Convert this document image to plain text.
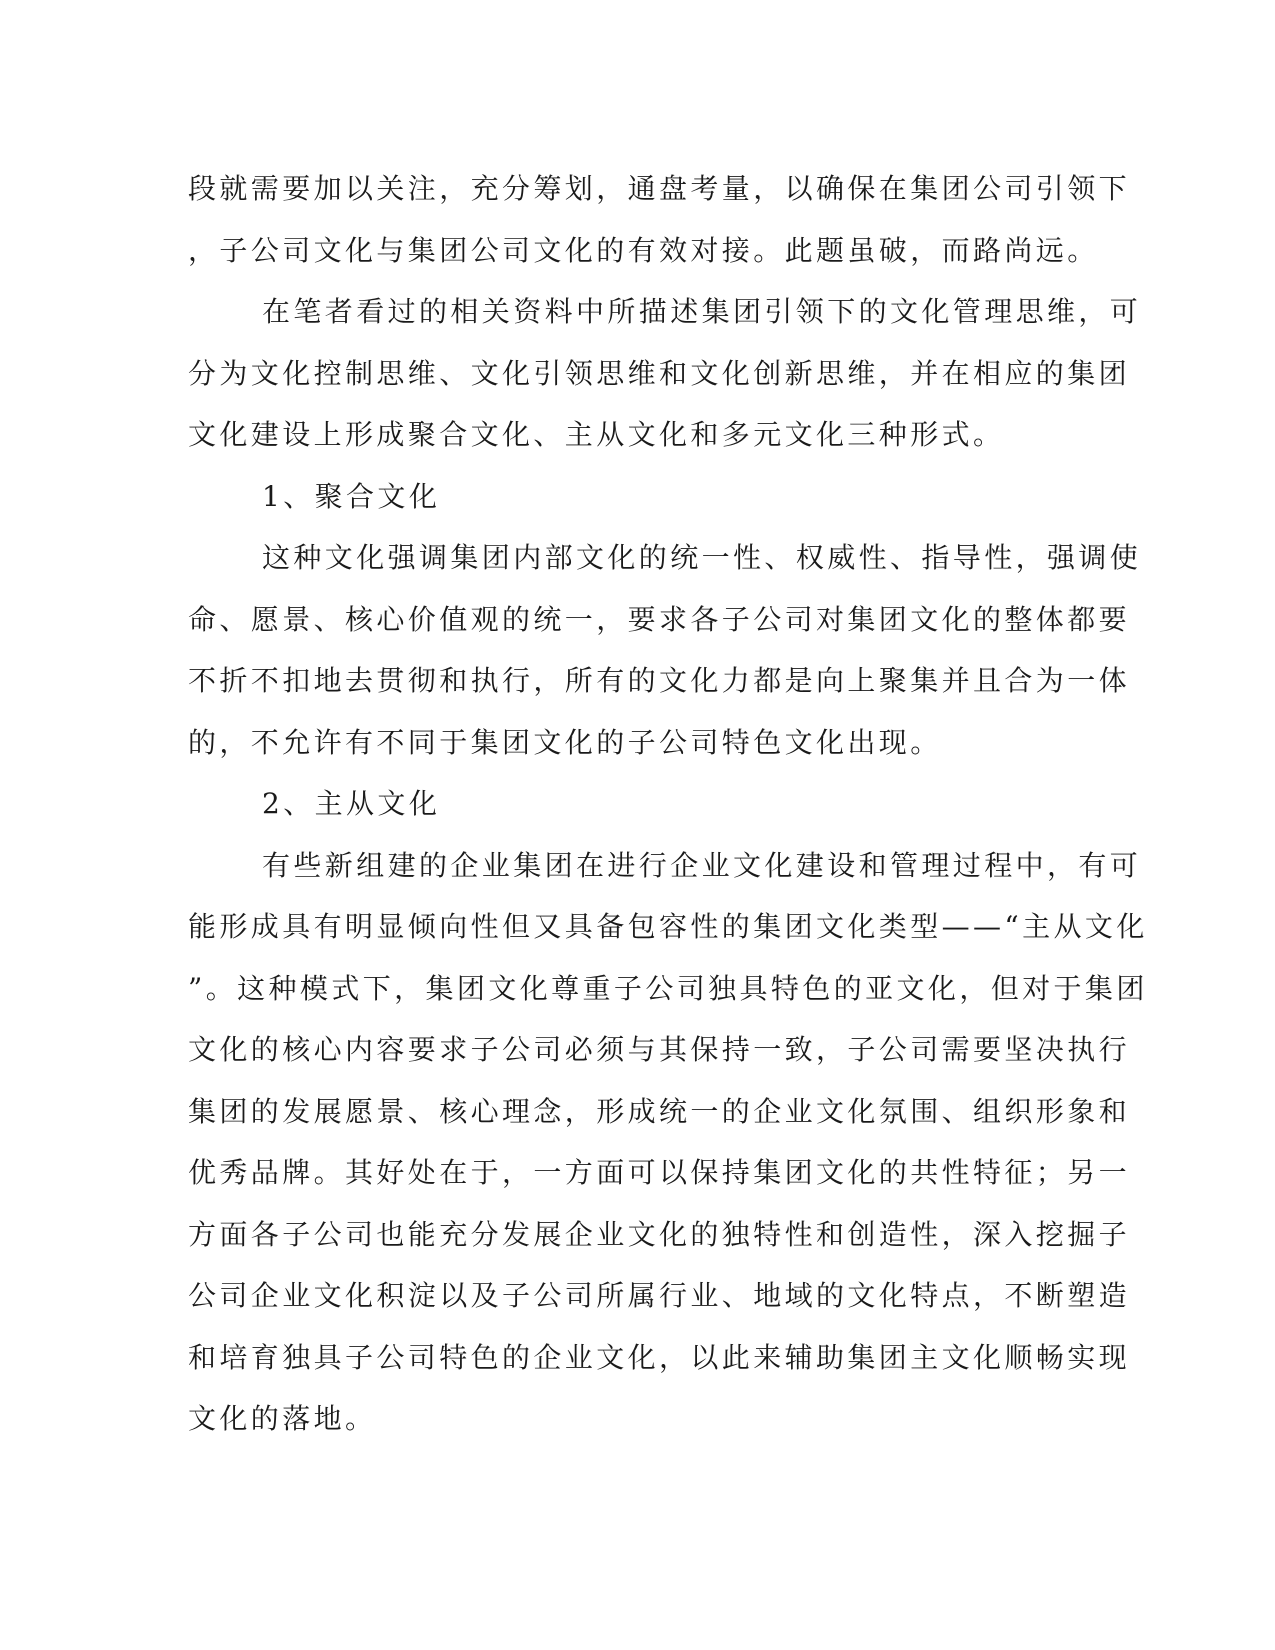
段就需要加以关注，充分筹划，通盘考量，以确保在集团公司引领下
，子公司文化与集团公司文化的有效对接。此题虽破，而路尚远。
在笔者看过的相关资料中所描述集团引领下的文化管理思维，可
分为文化控制思维、文化引领思维和文化创新思维，并在相应的集团
文化建设上形成聚合文化、主从文化和多元文化三种形式。
1、聚合文化
这种文化强调集团内部文化的统一性、权威性、指导性，强调使
命、愿景、核心价值观的统一，要求各子公司对集团文化的整体都要
不折不扣地去贯彻和执行，所有的文化力都是向上聚集并且合为一体
的，不允许有不同于集团文化的子公司特色文化出现。
2、主从文化
有些新组建的企业集团在进行企业文化建设和管理过程中，有可
能形成具有明显倾向性但又具备包容性的集团文化类型——“主从文化
”。这种模式下，集团文化尊重子公司独具特色的亚文化，但对于集团
文化的核心内容要求子公司必须与其保持一致，子公司需要坚决执行
集团的发展愿景、核心理念，形成统一的企业文化氛围、组织形象和
优秀品牌。其好处在于，一方面可以保持集团文化的共性特征；另一
方面各子公司也能充分发展企业文化的独特性和创造性，深入挖掘子
公司企业文化积淀以及子公司所属行业、地域的文化特点，不断塑造
和培育独具子公司特色的企业文化，以此来辅助集团主文化顺畅实现
文化的落地。
